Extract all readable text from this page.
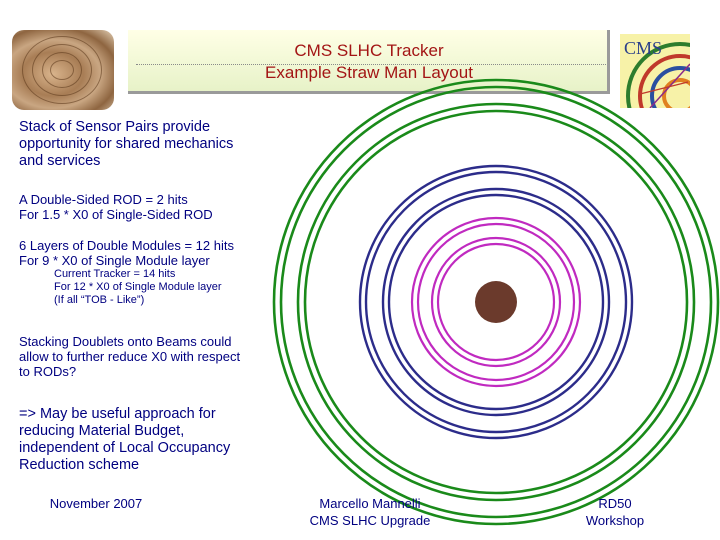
CMS SLHC Tracker
Example Straw Man Layout
CMS
Stack of Sensor Pairs provide
opportunity for shared mechanics
and services
A Double-Sided ROD = 2 hits
For 1.5 * X0 of Single-Sided ROD
6 Layers of Double Modules = 12 hits
For 9 * X0 of Single Module layer
Current Tracker = 14 hits
For 12 * X0 of Single Module layer
(If all “TOB - Like”)
Stacking Doublets onto Beams could
allow to further reduce X0 with respect
to RODs?
=> May be useful approach for
reducing Material Budget,
independent of Local Occupancy
Reduction scheme
November 2007	Marcello Mannelli
CMS SLHC Upgrade
RD50
Workshop
